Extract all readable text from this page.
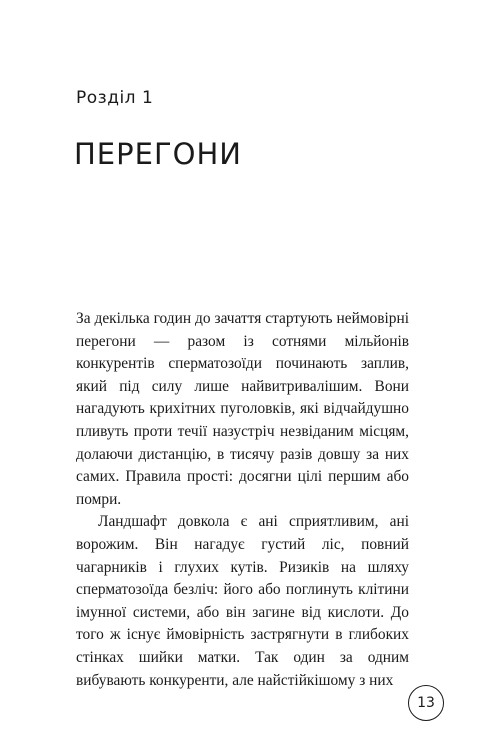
Розділ 1
ПЕРЕГОНИ

За декілька годин до зачаття стартують неймовірні перегони — разом із сотнями мільйонів конкурентів сперматозоїди починають заплив, який під силу лише найвитривалішим. Вони нагадують крихітних пуголовків, які відчайдушно пливуть проти течії назустріч незвіданим місцям, долаючи дистанцію, в тисячу разів довшу за них самих. Правила прості: досягни цілі першим або помри.

Ландшафт довкола є ані сприятливим, ані ворожим. Він нагадує густий ліс, повний чагарників і глухих кутів. Ризиків на шляху сперматозоїда безліч: його або поглинуть клітини імунної системи, або він загине від кислоти. До того ж існує ймовірність застрягнути в глибоких стінках шийки матки. Так один за одним вибувають конкуренти, але найстійкішому з них

13
